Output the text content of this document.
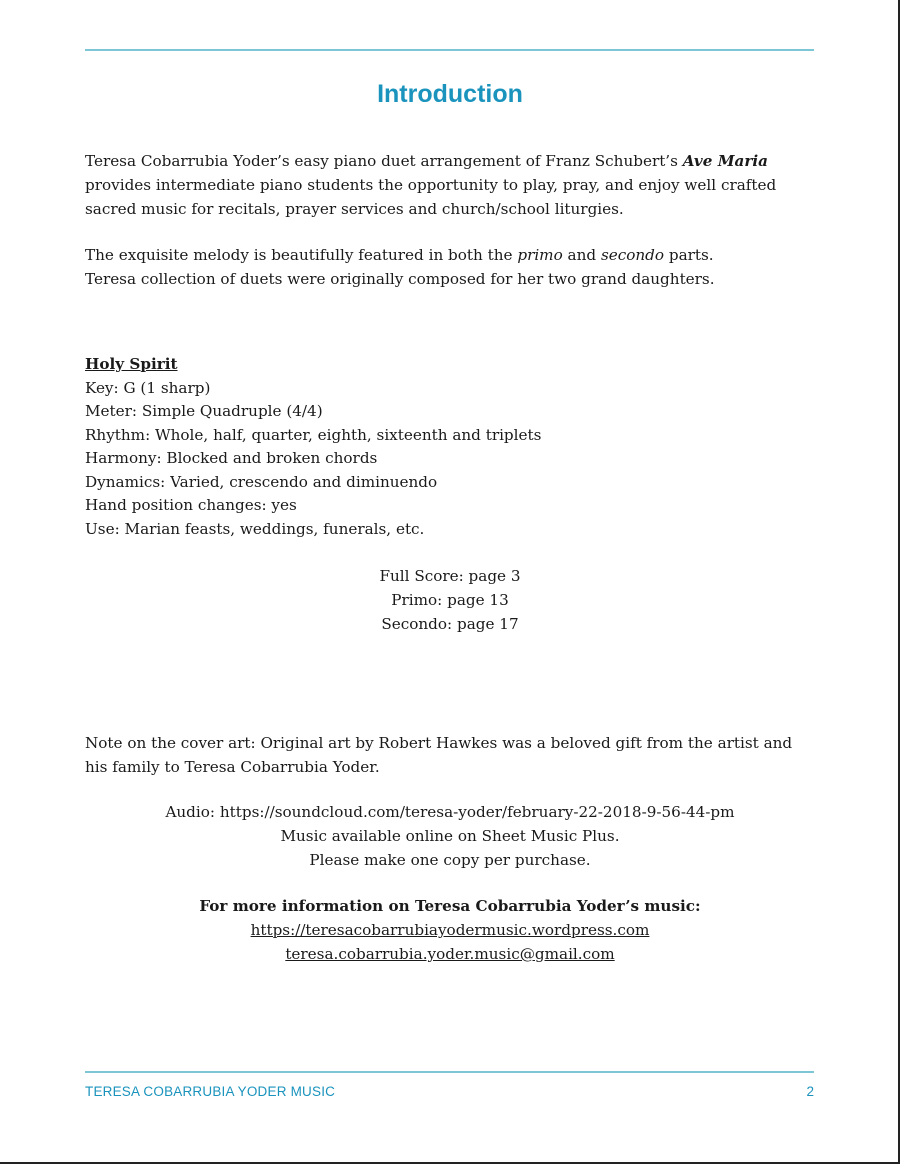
Introduction

Teresa Cobarrubia Yoder’s easy piano duet arrangement of Franz Schubert’s Ave Maria provides intermediate piano students the opportunity to play, pray, and enjoy well crafted sacred music for recitals, prayer services and church/school liturgies.

The exquisite melody is beautifully featured in both the primo and secondo parts.
Teresa collection of duets were originally composed for her two grand daughters.

Holy Spirit
Key: G (1 sharp)
Meter: Simple Quadruple (4/4)
Rhythm: Whole, half, quarter, eighth, sixteenth and triplets
Harmony: Blocked and broken chords
Dynamics: Varied, crescendo and diminuendo
Hand position changes: yes
Use: Marian feasts, weddings, funerals, etc.
Full Score: page 3
Primo: page 13
Secondo: page 17
Note on the cover art: Original art by Robert Hawkes was a beloved gift from the artist and
his family to Teresa Cobarrubia Yoder.
Audio: https://soundcloud.com/teresa-yoder/february-22-2018-9-56-44-pm
Music available online on Sheet Music Plus.
Please make one copy per purchase.
For more information on Teresa Cobarrubia Yoder’s music:
https://teresacobarrubiayodermusic.wordpress.com
teresa.cobarrubia.yoder.music@gmail.com
TERESA COBARRUBIA YODER MUSIC	2
